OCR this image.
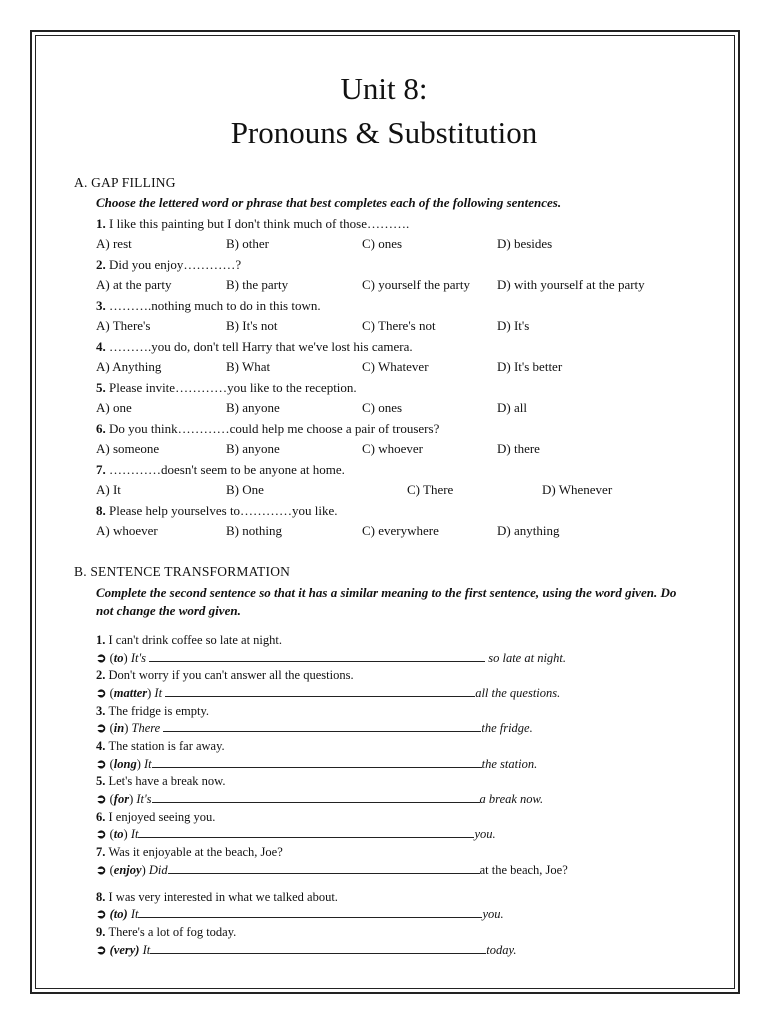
Unit 8:
Pronouns & Substitution
A. GAP FILLING
Choose the lettered word or phrase that best completes each of the following sentences.
1. I like this painting but I don't think much of those……….
A) rest	B) other	C) ones	D) besides
2. Did you enjoy…………?
A) at the party	B) the party	C) yourself the party D) with yourself at the party
3. ……….nothing much to do in this town.
A) There's	B) It's not	C) There's not	D) It's
4. ……….you do, don't tell Harry that we've lost his camera.
A) Anything	B) What	C) Whatever	D) It's better
5. Please invite…………you like to the reception.
A) one	B) anyone	C) ones	D) all
6. Do you think…………could help me choose a pair of trousers?
A) someone	B) anyone	C) whoever	D) there
7. …………doesn't seem to be anyone at home.
A) It	B) One	C) There	D) Whenever
8. Please help yourselves to…………you like.
A) whoever	B) nothing	C) everywhere	D) anything
B. SENTENCE TRANSFORMATION
Complete the second sentence so that it has a similar meaning to the first sentence, using the word given. Do not change the word given.
1. I can't drink coffee so late at night.
➲ (to) It's	so late at night.
2. Don't worry if you can't answer all the questions.
➲ (matter) It	all the questions.
3. The fridge is empty.
➲ (in) There	the fridge.
4. The station is far away.
➲ (long) It	the station.
5. Let's have a break now.
➲ (for) It's	a break now.
6. I enjoyed seeing you.
➲ (to) It	you.
7. Was it enjoyable at the beach, Joe?
➲ (enjoy) Did	at the beach, Joe?
8. I was very interested in what we talked about.
➲ (to) It	you.
9. There's a lot of fog today.
➲ (very) It	today.
